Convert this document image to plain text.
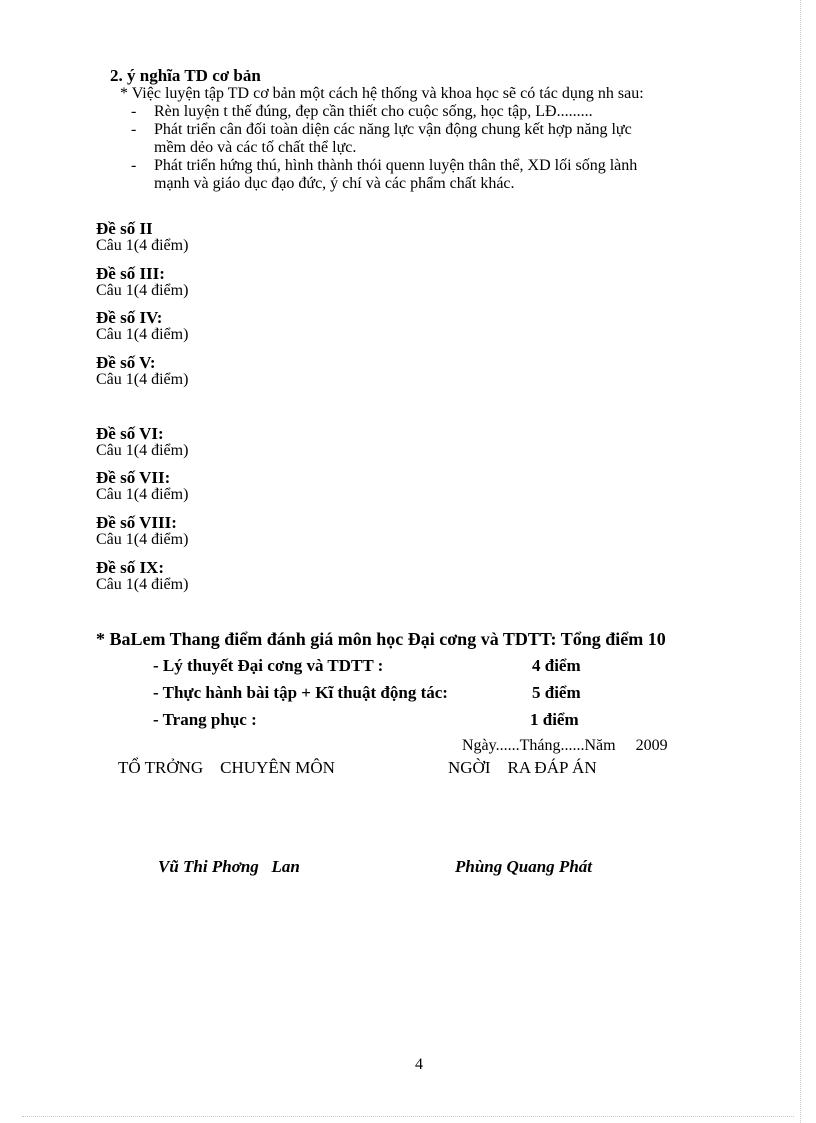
2. ý nghĩa TD cơ bản
* Việc luyện tập TD cơ bản một cách hệ thống và khoa học sẽ có tác dụng nh sau:
- Rèn luyện t thế đúng, đẹp cần thiết cho cuộc sống, học tập, LĐ.........
- Phát triển cân đối toàn diện các năng lực vận động chung kết hợp năng lực
mềm dẻo và các tố chất thể lực.
- Phát triển hứng thú, hình thành thói quenn luyện thân thể, XD lối sống lành
mạnh và giáo dục đạo đức, ý chí và các phẩm chất khác.
Đề số II
Câu 1(4 điểm)
Đề số III:
Câu 1(4 điểm)
Đề số IV:
Câu 1(4 điểm)
Đề số V:
Câu 1(4 điểm)
Đề số VI:
Câu 1(4 điểm)
Đề số VII:
Câu 1(4 điểm)
Đề số VIII:
Câu 1(4 điểm)
Đề số IX:
Câu 1(4 điểm)
* BaLem Thang điểm đánh giá môn học Đại cơng và TDTT: Tổng điểm 10
- Lý thuyết Đại cơng và TDTT :	4 điểm
- Thực hành bài tập + Kĩ thuật động tác:	5 điểm
- Trang phục :	1 điểm
Ngày......Tháng......Năm     2009
TỔ TRỞNG    CHUYÊN MÔN	NGỜI    RA ĐÁP ÁN
Vũ Thi Phơng   Lan	Phùng Quang Phát
4
